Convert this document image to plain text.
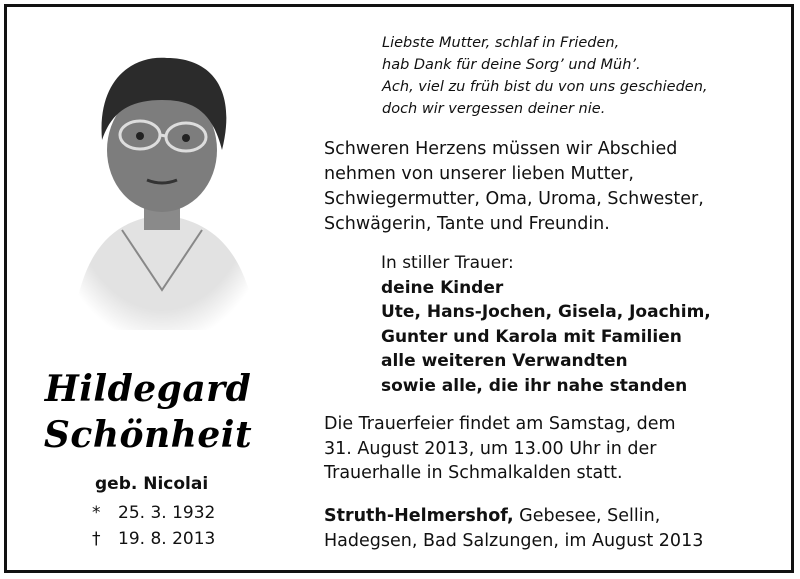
Hildegard
Schönheit
geb. Nicolai
* 25. 3. 1932
† 19. 8. 2013
Liebste Mutter, schlaf in Frieden,
hab Dank für deine Sorg’ und Müh’.
Ach, viel zu früh bist du von uns geschieden,
doch wir vergessen deiner nie.
Schweren Herzens müssen wir Abschied
nehmen von unserer lieben Mutter,
Schwiegermutter, Oma, Uroma, Schwester,
Schwägerin, Tante und Freundin.
In stiller Trauer:
deine Kinder
Ute, Hans-Jochen, Gisela, Joachim,
Gunter und Karola mit Familien
alle weiteren Verwandten
sowie alle, die ihr nahe standen
Die Trauerfeier findet am Samstag, dem
31. August 2013, um 13.00 Uhr in der
Trauerhalle in Schmalkalden statt.
Struth-Helmershof, Gebesee, Sellin,
Hadegsen, Bad Salzungen, im August 2013
